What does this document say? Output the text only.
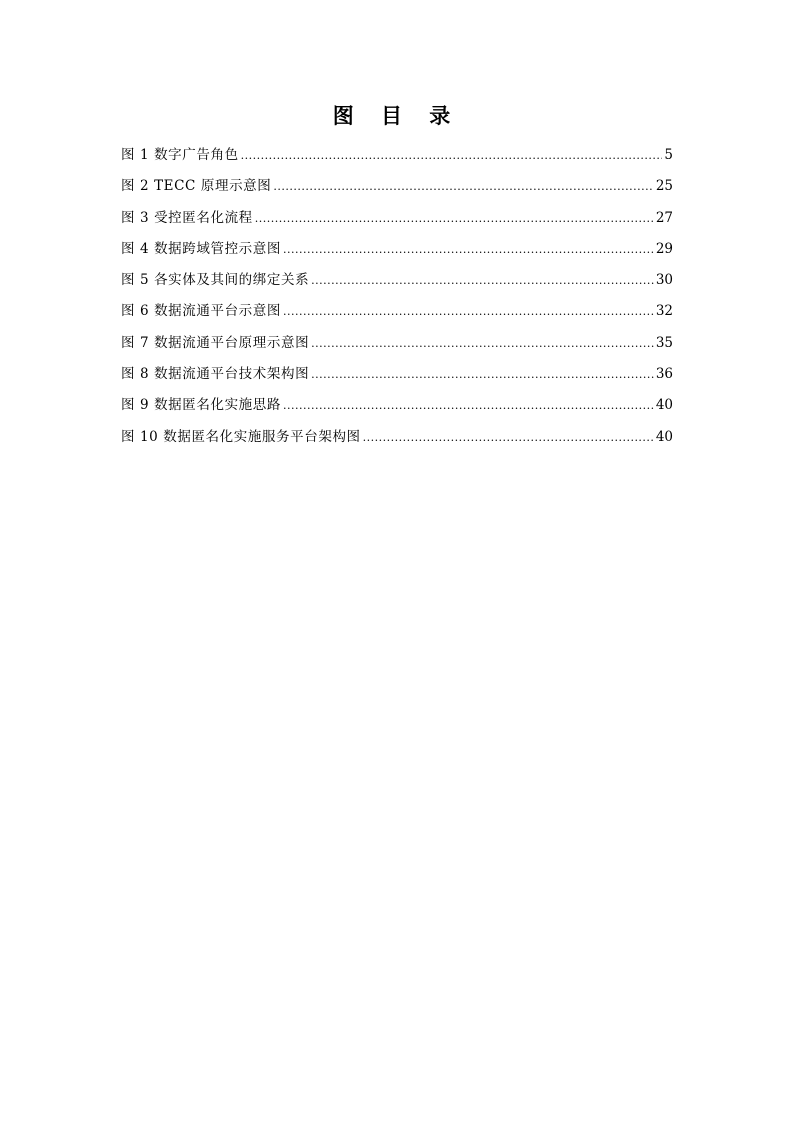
图 目 录
图 1 数字广告角色 .....	5
图 2 TECC 原理示意图 .....	25
图 3 受控匿名化流程 .....	27
图 4 数据跨域管控示意图 .....	29
图 5 各实体及其间的绑定关系 .....	30
图 6 数据流通平台示意图 .....	32
图 7 数据流通平台原理示意图 .....	35
图 8 数据流通平台技术架构图 .....	36
图 9 数据匿名化实施思路 .....	40
图 10 数据匿名化实施服务平台架构图 .....	40
